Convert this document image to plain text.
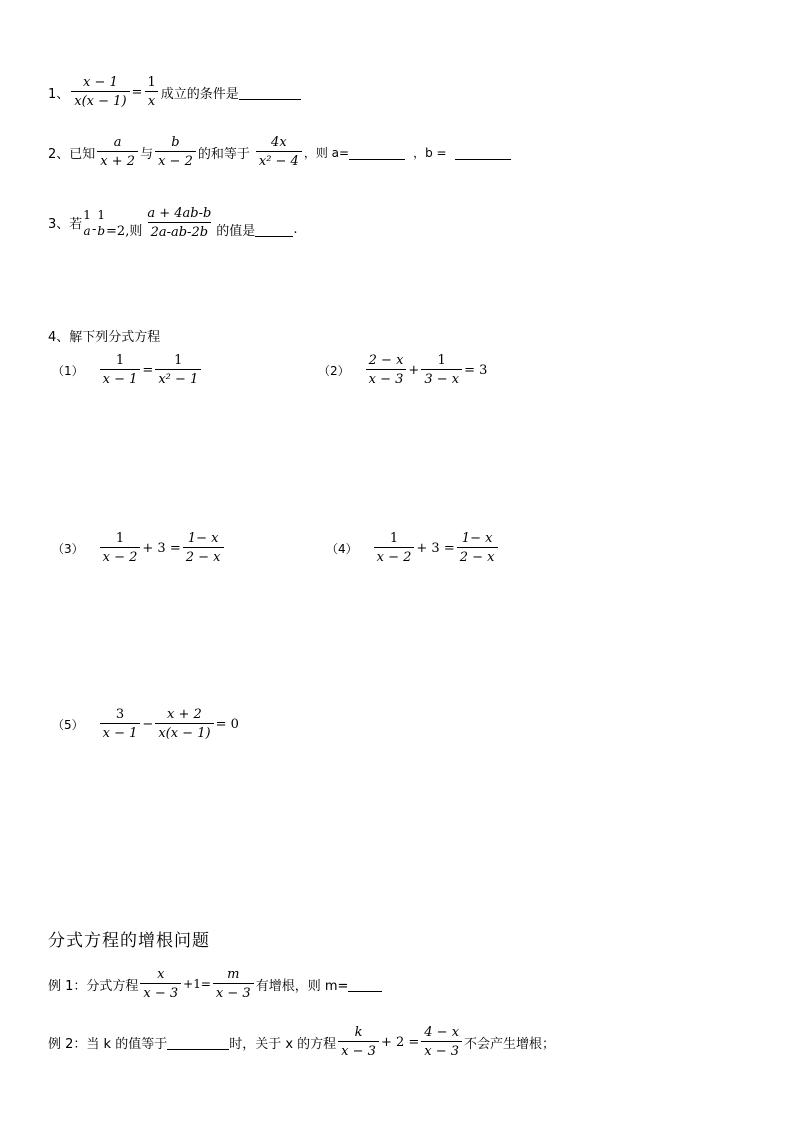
1、 $\frac{x - 1}{x(x - 1)} = \frac{1}{x}$ 成立的条件是
2、 已知 $\frac{a}{x + 2}$ 与 $\frac{b}{x - 2}$ 的和等于 $\frac{4x}{\text{x² − 4}}$ ，则 a=	，b =
3、 若
1
a -
1
b =2,则 $\frac{a + 4ab-b}{2a-ab-2b}$ 的值是	.
4、解下列分式方程
$(1) \frac{1}{x - 1} = \frac{1}{\text{x² − 1}}$	$(2) \frac{2 - x}{x - 3} + \frac{1}{3 - x} = 3$
$(3) \frac{1}{x - 2} + 3 = \frac{1- x}{2 - x}$	$(4) \frac{1}{x - 2} + 3 = \frac{1- x}{2 - x}$
$(5) \frac{3}{x - 1} - \frac{x + 2}{x(x - 1)} = 0$
分式方程的增根问题
例 1：分式方程 $\frac{x}{x - 3} +1= \frac{m}{x - 3}$ 有增根，则 m=
例 2：当 k 的值等于	时，关于 x 的方程 $\frac{k}{x - 3} + 2 = \frac{4 - x}{x - 3}$ 不会产生增根；
